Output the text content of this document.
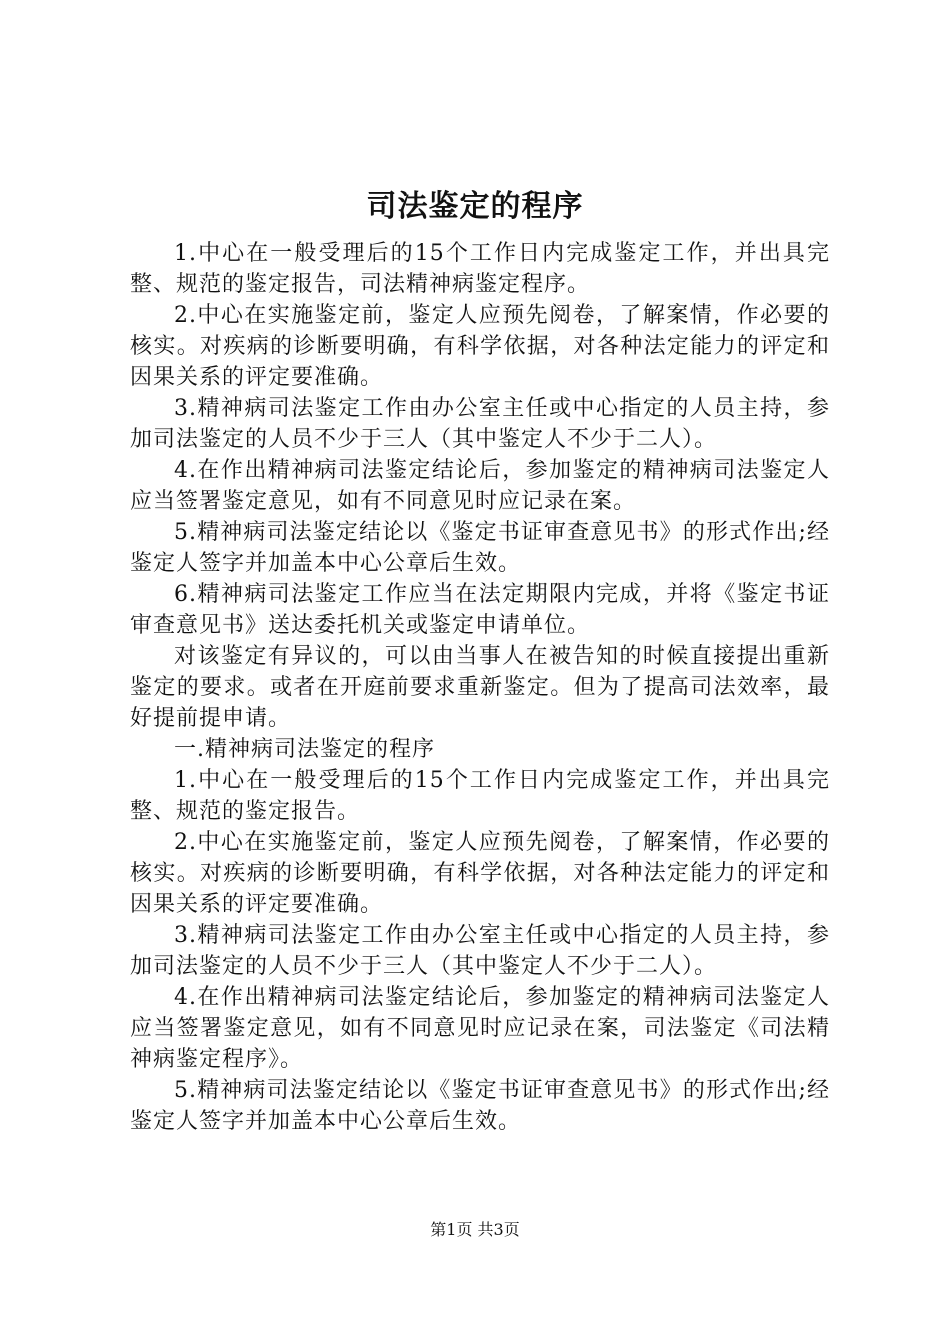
司法鉴定的程序

1.中心在一般受理后的15个工作日内完成鉴定工作，并出具完整、规范的鉴定报告，司法精神病鉴定程序。

2.中心在实施鉴定前，鉴定人应预先阅卷，了解案情，作必要的核实。对疾病的诊断要明确，有科学依据，对各种法定能力的评定和因果关系的评定要准确。

3.精神病司法鉴定工作由办公室主任或中心指定的人员主持，参加司法鉴定的人员不少于三人（其中鉴定人不少于二人）。

4.在作出精神病司法鉴定结论后，参加鉴定的精神病司法鉴定人应当签署鉴定意见，如有不同意见时应记录在案。

5.精神病司法鉴定结论以《鉴定书证审查意见书》的形式作出;经鉴定人签字并加盖本中心公章后生效。

6.精神病司法鉴定工作应当在法定期限内完成，并将《鉴定书证审查意见书》送达委托机关或鉴定申请单位。

对该鉴定有异议的，可以由当事人在被告知的时候直接提出重新鉴定的要求。或者在开庭前要求重新鉴定。但为了提高司法效率，最好提前提申请。

一.精神病司法鉴定的程序

1.中心在一般受理后的15个工作日内完成鉴定工作，并出具完整、规范的鉴定报告。

2.中心在实施鉴定前，鉴定人应预先阅卷，了解案情，作必要的核实。对疾病的诊断要明确，有科学依据，对各种法定能力的评定和因果关系的评定要准确。

3.精神病司法鉴定工作由办公室主任或中心指定的人员主持，参加司法鉴定的人员不少于三人（其中鉴定人不少于二人）。

4.在作出精神病司法鉴定结论后，参加鉴定的精神病司法鉴定人应当签署鉴定意见，如有不同意见时应记录在案，司法鉴定《司法精神病鉴定程序》。

5.精神病司法鉴定结论以《鉴定书证审查意见书》的形式作出;经鉴定人签字并加盖本中心公章后生效。

第1页 共3页
